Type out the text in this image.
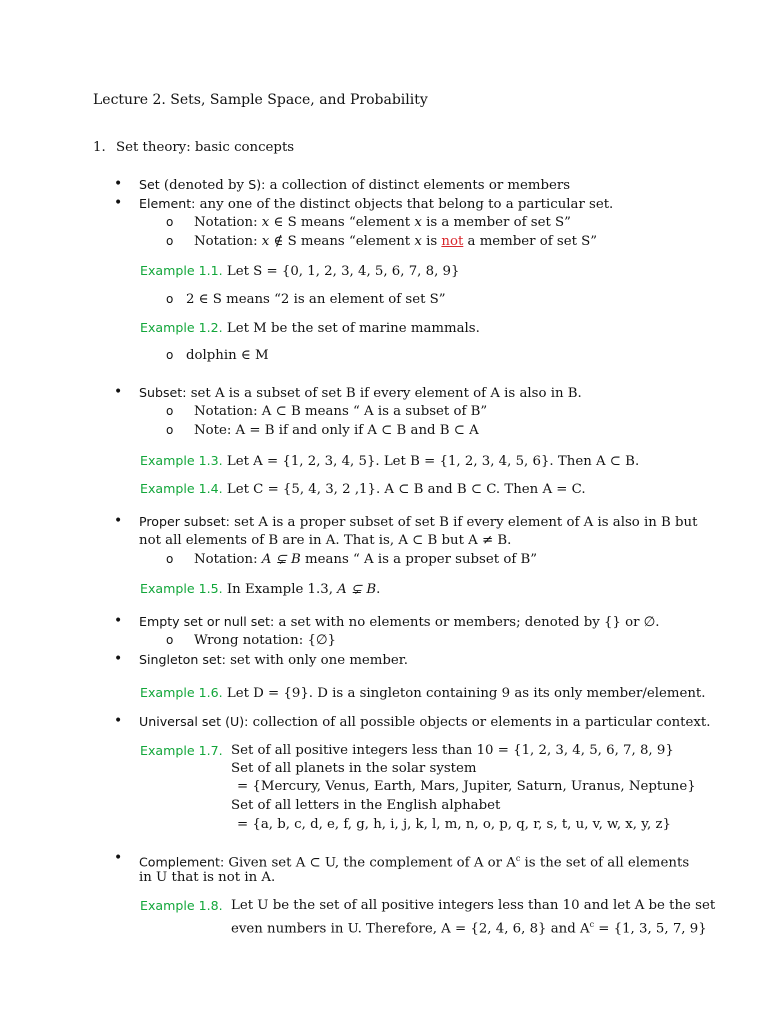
Lecture 2. Sets, Sample Space, and Probability
1. Set theory: basic concepts
• Set (denoted by S): a collection of distinct elements or members
• Element: any one of the distinct objects that belong to a particular set.
o Notation: x ∈ S means “element x is a member of set S”
o Notation: x ∉ S means “element x is not a member of set S”
Example 1.1. Let S = {0, 1, 2, 3, 4, 5, 6, 7, 8, 9}
o 2 ∈ S means “2 is an element of set S”
Example 1.2. Let M be the set of marine mammals.
o dolphin ∈ M
• Subset: set A is a subset of set B if every element of A is also in B.
o Notation: A ⊂ B means “ A is a subset of B”
o Note: A = B if and only if A ⊂ B and B ⊂ A
Example 1.3. Let A = {1, 2, 3, 4, 5}. Let B = {1, 2, 3, 4, 5, 6}. Then A ⊂ B.
Example 1.4. Let C = {5, 4, 3, 2 ,1}. A ⊂ B and B ⊂ C. Then A = C.
• Proper subset: set A is a proper subset of set B if every element of A is also in B but
not all elements of B are in A. That is, A ⊂ B but A ≠ B.
o Notation: A ⊊ B means “ A is a proper subset of B”
Example 1.5. In Example 1.3, A ⊊ B.
• Empty set or null set: a set with no elements or members; denoted by {} or ∅.
o Wrong notation: {∅}
• Singleton set: set with only one member.
Example 1.6. Let D = {9}. D is a singleton containing 9 as its only member/element.
• Universal set (U): collection of all possible objects or elements in a particular context.
Example 1.7. Set of all positive integers less than 10 = {1, 2, 3, 4, 5, 6, 7, 8, 9}
Set of all planets in the solar system
= {Mercury, Venus, Earth, Mars, Jupiter, Saturn, Uranus, Neptune}
Set of all letters in the English alphabet
= {a, b, c, d, e, f, g, h, i, j, k, l, m, n, o, p, q, r, s, t, u, v, w, x, y, z}
• Complement: Given set A ⊂ U, the complement of A or $A^c$ is the set of all elements
in U that is not in A.
Example 1.8. Let U be the set of all positive integers less than 10 and let A be the set
even numbers in U. Therefore, A = {2, 4, 6, 8} and $A^c = \{1$, 3, 5, 7, 9}
